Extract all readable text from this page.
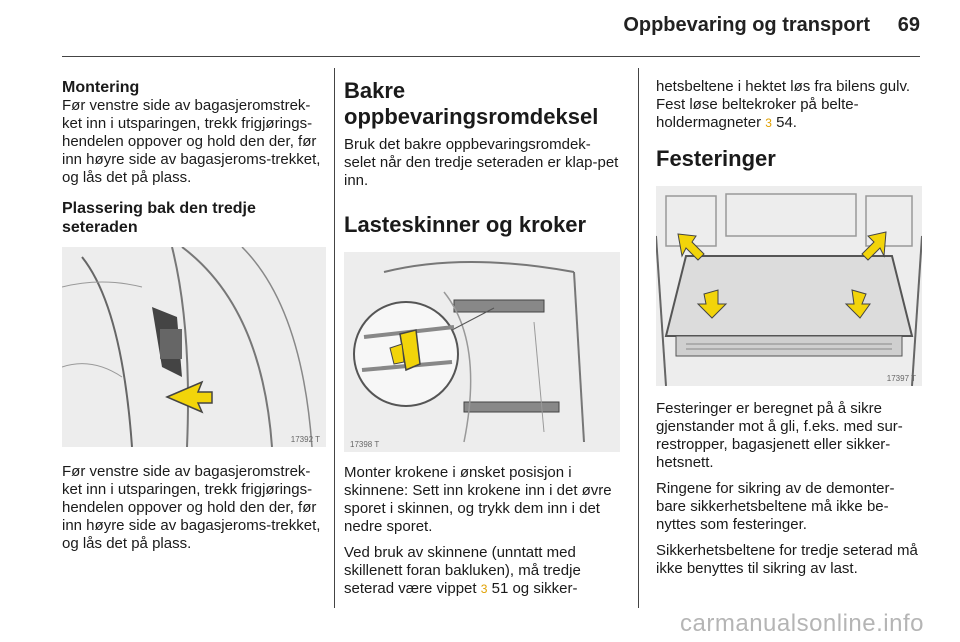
Oppbevaring og transport 69
Montering

Før venstre side av bagasjeromstrek-ket inn i utsparingen, trekk frigjørings-hendelen oppover og hold den der, før inn høyre side av bagasjeroms-trekket, og lås det på plass.

Plassering bak den tredje seteraden
17392 T

Før venstre side av bagasjeromstrek-ket inn i utsparingen, trekk frigjørings-hendelen oppover og hold den der, før inn høyre side av bagasjeroms-trekket, og lås det på plass.

Bakre oppbevaringsromdeksel

Bruk det bakre oppbevaringsromdek-selet når den tredje seteraden er klap-pet inn.

Lasteskinner og kroker
17398 T

Monter krokene i ønsket posisjon i skinnene: Sett inn krokene inn i det øvre sporet i skinnen, og trykk dem inn i det nedre sporet.

Ved bruk av skinnene (unntatt med skillenett foran bakluken), må tredje seterad være vippet 3 51 og sikker-

hetsbeltene i hektet løs fra bilens gulv. Fest løse beltekroker på belte-holdermagneter 3 54.

Festeringer
17397 T

Festeringer er beregnet på å sikre gjenstander mot å gli, f.eks. med sur-restropper, bagasjenett eller sikker-hetsnett.

Ringene for sikring av de demonter-bare sikkerhetsbeltene må ikke be-nyttes som festeringer.

Sikkerhetsbeltene for tredje seterad må ikke benyttes til sikring av last.

carmanualsonline.info
